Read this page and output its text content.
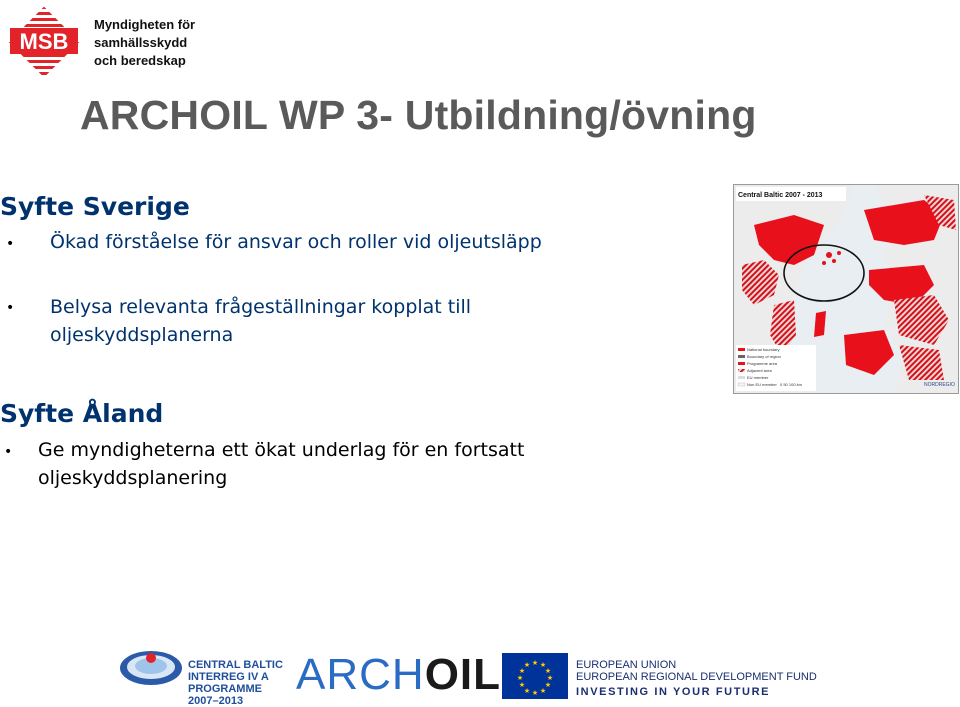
MSB
Myndigheten för
samhällsskydd
och beredskap
ARCHOIL WP 3- Utbildning/övning
Syfte Sverige
• Ökad förståelse för ansvar och roller vid oljeutsläpp
• Belysa relevanta frågeställningar kopplat till
oljeskyddsplanerna
Syfte Åland
• Ge myndigheterna ett ökat underlag för en fortsatt
oljeskyddsplanering
Central Baltic 2007 - 2013
National boundary
Boundary of region
Programme area
Adjacent area
EU member
Non EU member 0 50 100 km	NORDREGIO
CENTRAL BALTIC
INTERREG IV A
PROGRAMME
2007–2013
ARCHOIL	★ ★
★
★
★
★
★
★
★
★
★
★	EUROPEAN UNION
EUROPEAN REGIONAL DEVELOPMENT FUND
INVESTING IN YOUR FUTURE
